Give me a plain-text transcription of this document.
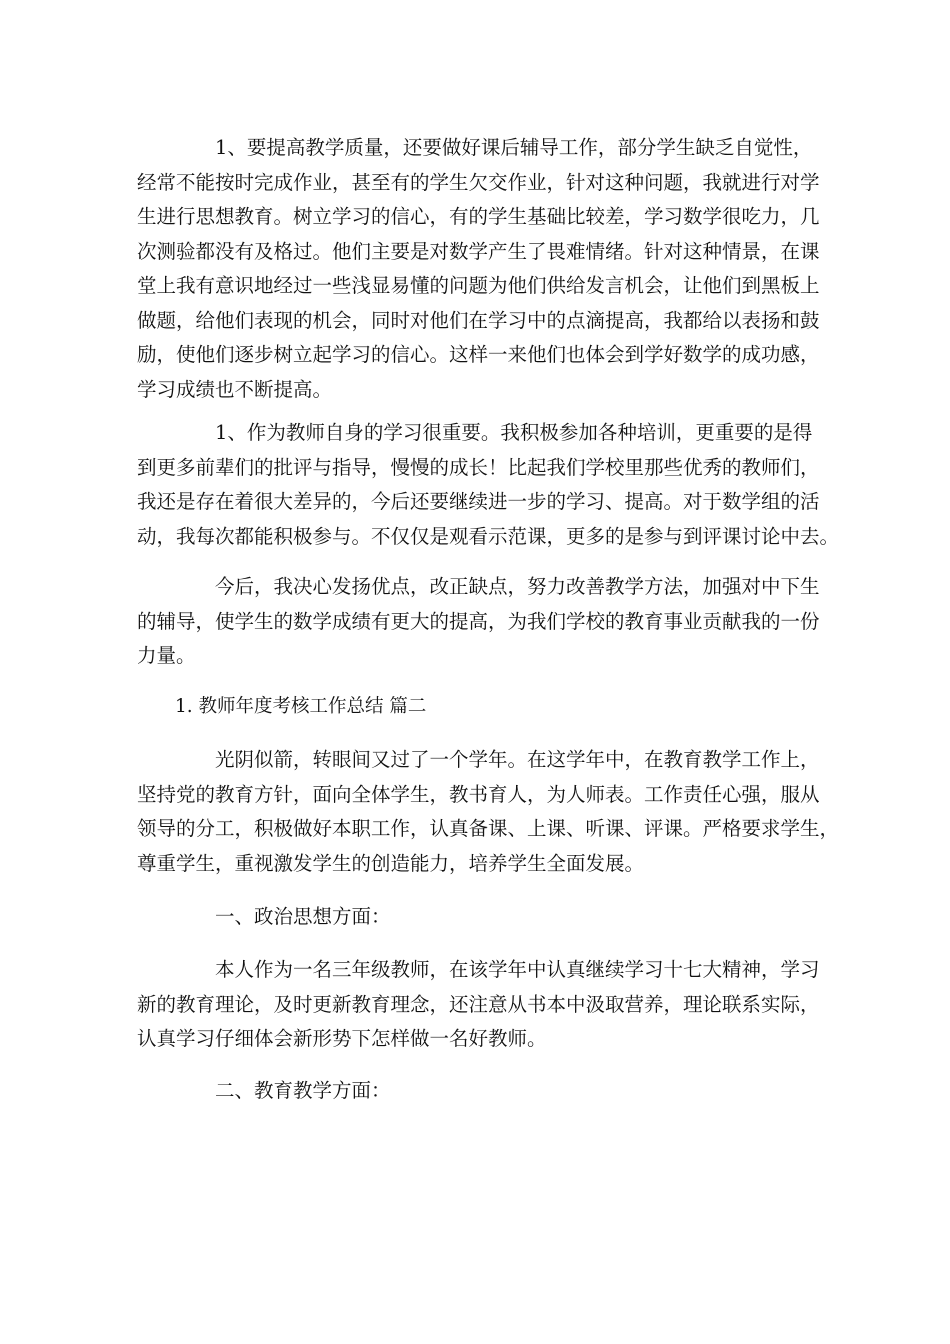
1、要提高教学质量，还要做好课后辅导工作，部分学生缺乏自觉性，
经常不能按时完成作业，甚至有的学生欠交作业，针对这种问题，我就进行对学
生进行思想教育。树立学习的信心，有的学生基础比较差，学习数学很吃力，几
次测验都没有及格过。他们主要是对数学产生了畏难情绪。针对这种情景，在课
堂上我有意识地经过一些浅显易懂的问题为他们供给发言机会，让他们到黑板上
做题，给他们表现的机会，同时对他们在学习中的点滴提高，我都给以表扬和鼓
励，使他们逐步树立起学习的信心。这样一来他们也体会到学好数学的成功感，
学习成绩也不断提高。

1、作为教师自身的学习很重要。我积极参加各种培训，更重要的是得
到更多前辈们的批评与指导，慢慢的成长！比起我们学校里那些优秀的教师们，
我还是存在着很大差异的，今后还要继续进一步的学习、提高。对于数学组的活
动，我每次都能积极参与。不仅仅是观看示范课，更多的是参与到评课讨论中去。

今后，我决心发扬优点，改正缺点，努力改善教学方法，加强对中下生
的辅导，使学生的数学成绩有更大的提高，为我们学校的教育事业贡献我的一份
力量。

1. 教师年度考核工作总结 篇二

光阴似箭，转眼间又过了一个学年。在这学年中，在教育教学工作上，
坚持党的教育方针，面向全体学生，教书育人，为人师表。工作责任心强，服从
领导的分工，积极做好本职工作，认真备课、上课、听课、评课。严格要求学生，
尊重学生，重视激发学生的创造能力，培养学生全面发展。

一、政治思想方面：

本人作为一名三年级教师，在该学年中认真继续学习十七大精神，学习
新的教育理论，及时更新教育理念，还注意从书本中汲取营养，理论联系实际，
认真学习仔细体会新形势下怎样做一名好教师。

二、教育教学方面：
